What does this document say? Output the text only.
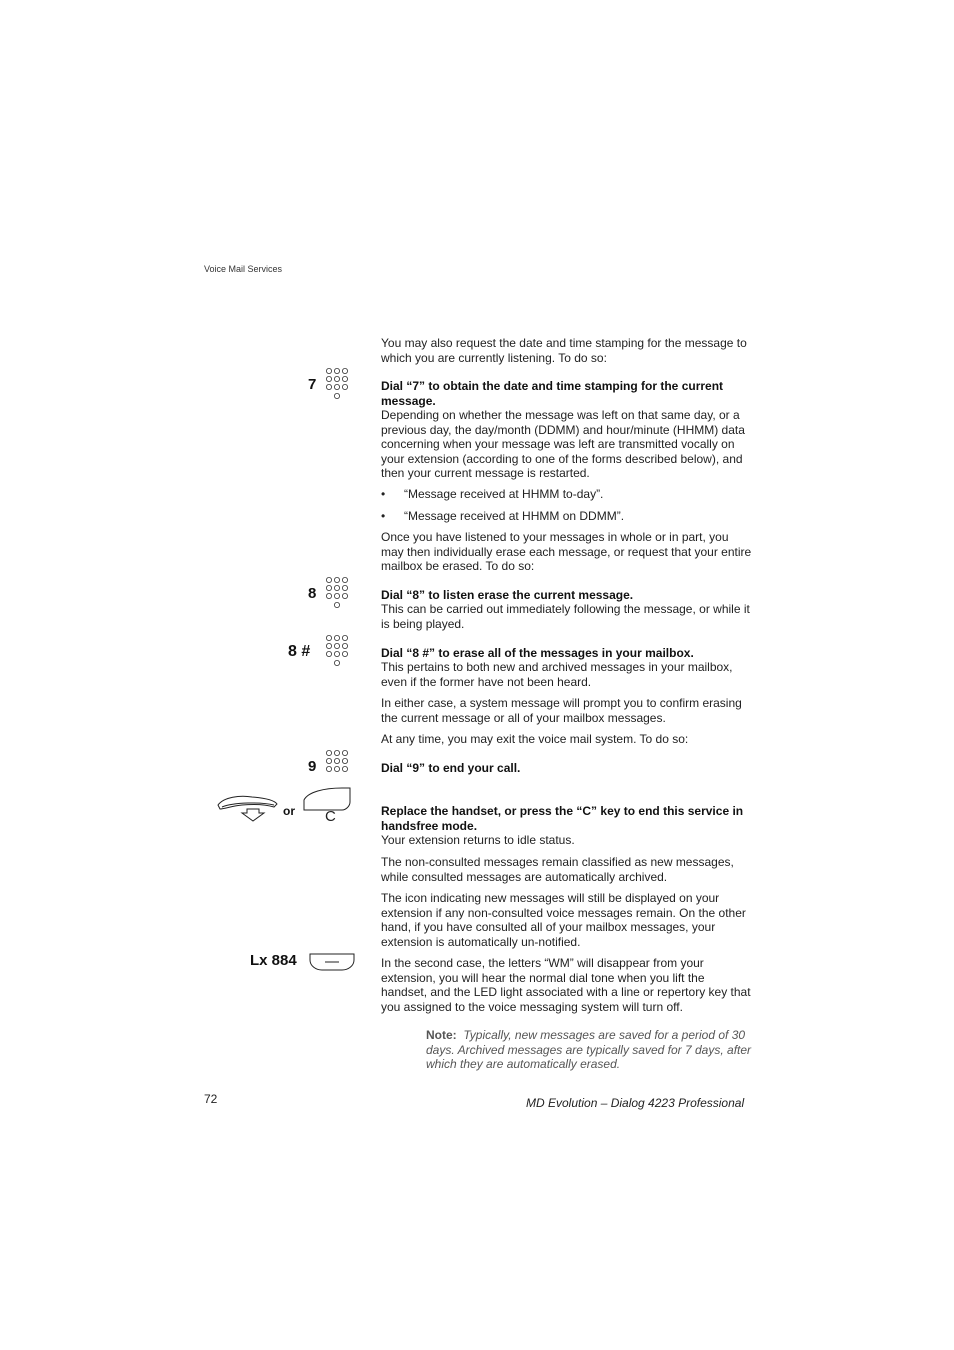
Voice Mail Services
You may also request the date and time stamping for the message to which you are currently listening. To do so:
7	Dial “7” to obtain the date and time stamping for the current message.
Depending on whether the message was left on that same day, or a previous day, the day/month (DDMM) and hour/minute (HHMM) data concerning when your message was left are transmitted vocally on your extension (according to one of the forms described below), and then your current message is restarted.
• “Message received at HHMM to-day”.
• “Message received at HHMM on DDMM”.
Once you have listened to your messages in whole or in part, you may then individually erase each message, or request that your entire mailbox be erased. To do so:
8	Dial “8” to listen erase the current message.
This can be carried out immediately following the message, or while it is being played.
8 #	Dial “8 #” to erase all of the messages in your mailbox.
This pertains to both new and archived messages in your mailbox, even if the former have not been heard.
In either case, a system message will prompt you to confirm erasing the current message or all of your mailbox messages.
At any time, you may exit the voice mail system. To do so:
9	Dial “9” to end your call.
or C	Replace the handset, or press the “C” key to end this service in handsfree mode.
Your extension returns to idle status.
The non-consulted messages remain classified as new messages, while consulted messages are automatically archived.
The icon indicating new messages will still be displayed on your extension if any non-consulted voice messages remain. On the other hand, if you have consulted all of your mailbox messages, your extension is automatically un-notified.
Lx 884	In the second case, the letters “WM” will disappear from your extension, you will hear the normal dial tone when you lift the handset, and the LED light associated with a line or repertory key that you assigned to the voice messaging system will turn off.
Note: Typically, new messages are saved for a period of 30 days. Archived messages are typically saved for 7 days, after which they are automatically erased.
72	MD Evolution – Dialog 4223 Professional
